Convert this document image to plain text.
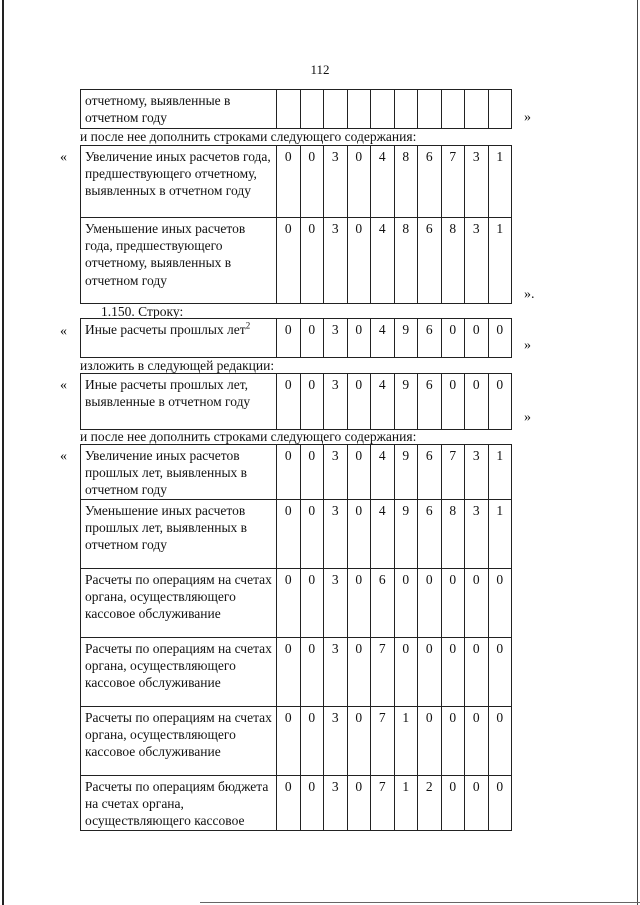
112
отчетному, выявленные в отчетном году											»
и после нее дополнить строками следующего содержания:
« Увеличение иных расчетов года, предшествующего отчетному, выявленных в отчетном году	0	0	3	0	4	8	6	7	3	1
Уменьшение иных расчетов года, предшествующего отчетному, выявленных в отчетном году	0	0	3	0	4	8	6	8	3	1
».
1.150. Строку:
« Иные расчеты прошлых лет$^2$	0	0	3	0	4	9	6	0	0	0
»
изложить в следующей редакции:
« Иные расчеты прошлых лет, выявленные в отчетном году	0	0	3	0	4	9	6	0	0	0
»
и после нее дополнить строками следующего содержания:
« Увеличение иных расчетов прошлых лет, выявленных в отчетном году	0	0	3	0	4	9	6	7	3	1
Уменьшение иных расчетов прошлых лет, выявленных в отчетном году	0	0	3	0	4	9	6	8	3	1
Расчеты по операциям на счетах органа, осуществляющего кассовое обслуживание	0	0	3	0	6	0	0	0	0	0
Расчеты по операциям на счетах органа, осуществляющего кассовое обслуживание	0	0	3	0	7	0	0	0	0	0
Расчеты по операциям на счетах органа, осуществляющего кассовое обслуживание	0	0	3	0	7	1	0	0	0	0
Расчеты по операциям бюджета на счетах органа, осуществляющего кассовое	0	0	3	0	7	1	2	0	0	0
